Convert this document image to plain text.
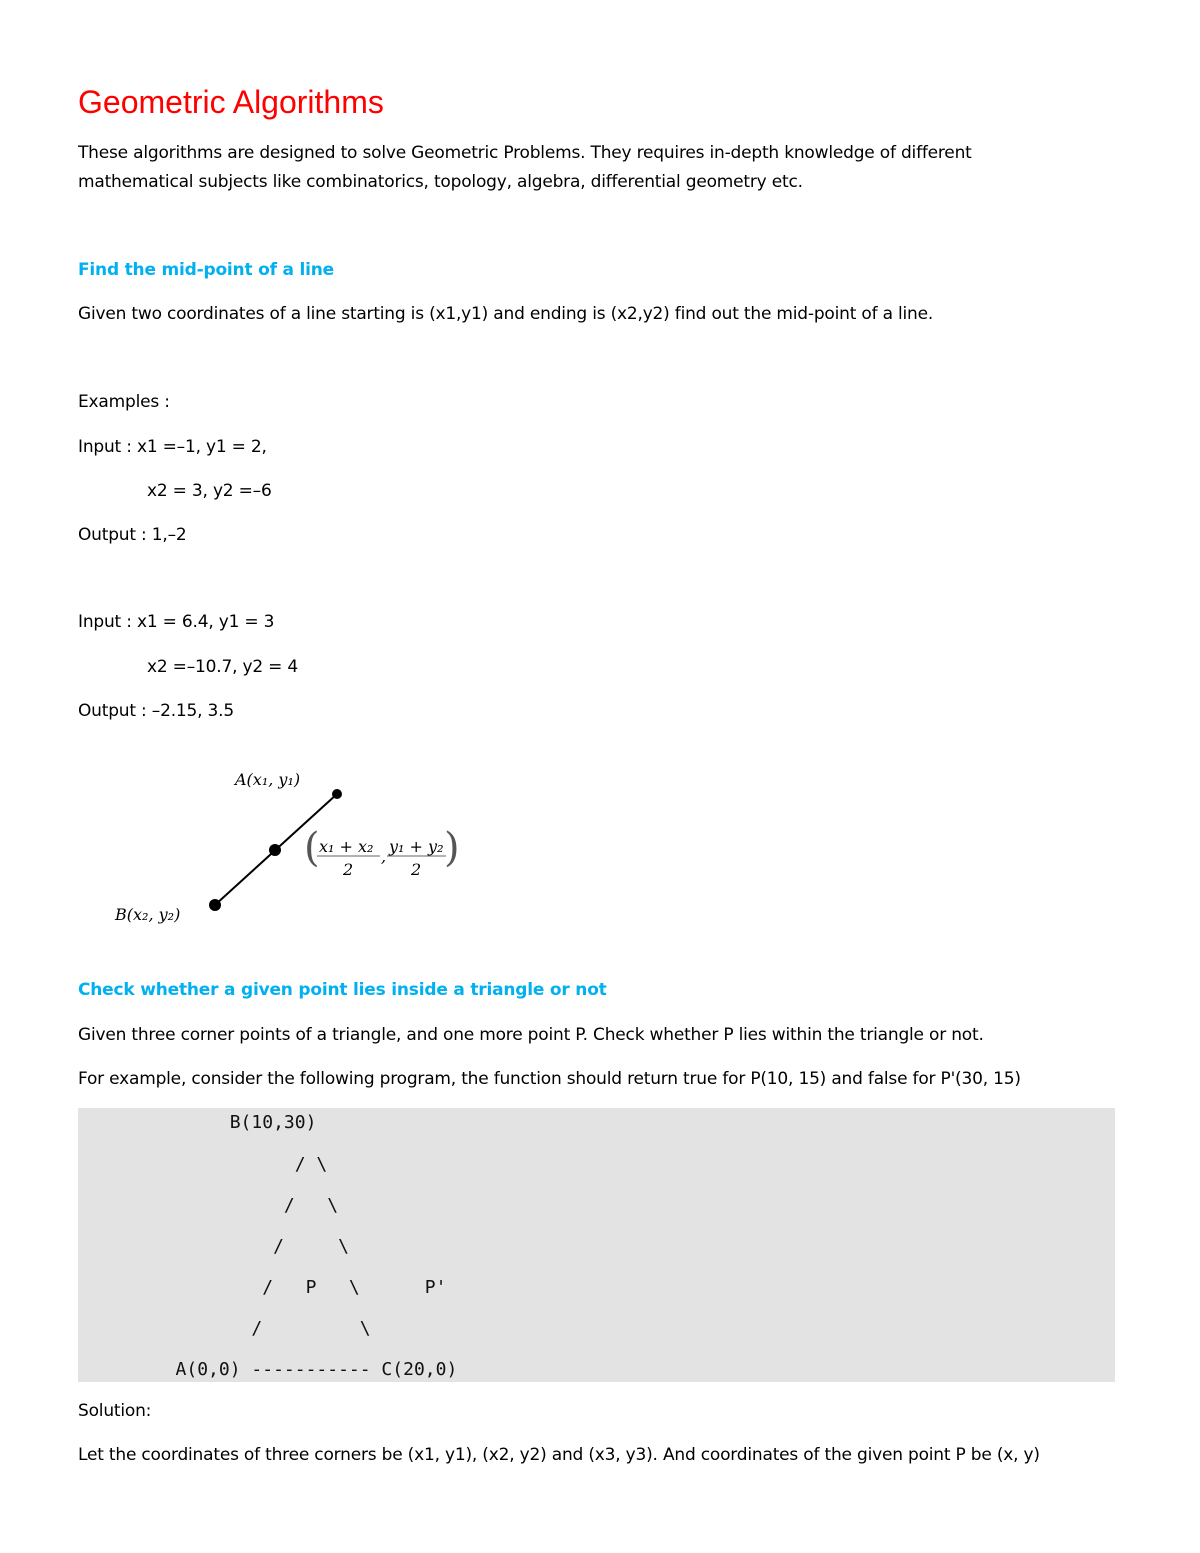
Geometric Algorithms
These algorithms are designed to solve Geometric Problems. They requires in-depth knowledge of different
mathematical subjects like combinatorics, topology, algebra, differential geometry etc.
Find the mid-point of a line
Given two coordinates of a line starting is (x1,y1) and ending is (x2,y2) find out the mid-point of a line.
Examples :
Input : x1 =–1, y1 = 2,
x2 = 3, y2 =–6
Output : 1,–2
Input : x1 = 6.4, y1 = 3
x2 =–10.7, y2 = 4
Output : –2.15, 3.5
A(x₁, y₁)
B(x₂, y₂)
( x₁ + x₂
2
,
y₁ + y₂
2 )
Check whether a given point lies inside a triangle or not
Given three corner points of a triangle, and one more point P. Check whether P lies within the triangle or not.
For example, consider the following program, the function should return true for P(10, 15) and false for P'(30, 15)
B(10,30)
/ \
/   \
/     \
/   P   \      P'
/         \
A(0,0) ----------- C(20,0)
Solution:
Let the coordinates of three corners be (x1, y1), (x2, y2) and (x3, y3). And coordinates of the given point P be (x, y)
